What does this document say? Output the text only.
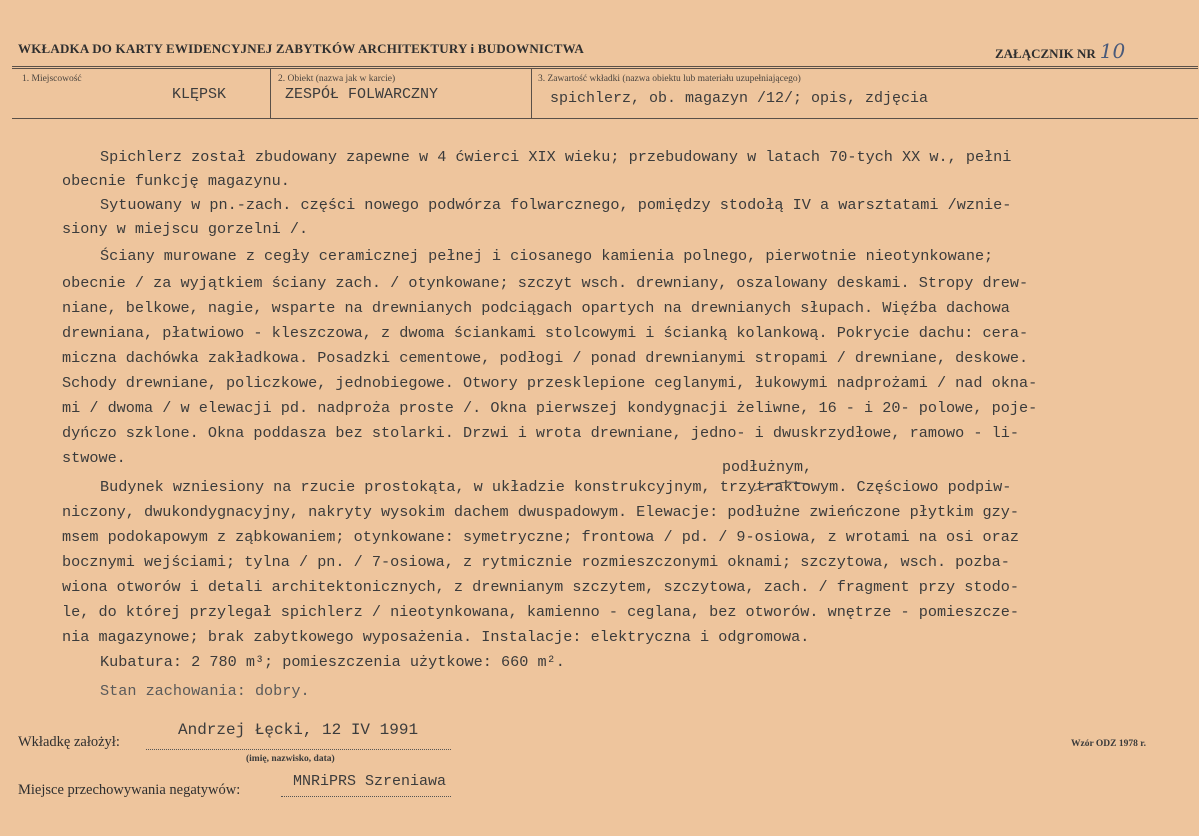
WKŁADKA DO KARTY EWIDENCYJNEJ ZABYTKÓW ARCHITEKTURY i BUDOWNICTWA	ZAŁĄCZNIK NR 10
1. Miejscowość
KLĘPSK
2. Obiekt (nazwa jak w karcie)
ZESPÓŁ FOLWARCZNY
3. Zawartość wkładki (nazwa obiektu lub materiału uzupełniającego)
spichlerz, ob. magazyn /12/; opis, zdjęcia
Spichlerz został zbudowany zapewne w 4 ćwierci XIX wieku; przebudowany w latach 70-tych XX w., pełni
obecnie funkcję magazynu.
Sytuowany w pn.-zach. części nowego podwórza folwarcznego, pomiędzy stodołą IV a warsztatami /wznie-
siony w miejscu gorzelni /.
Ściany murowane z cegły ceramicznej pełnej i ciosanego kamienia polnego, pierwotnie nieotynkowane;
obecnie / za wyjątkiem ściany zach. / otynkowane; szczyt wsch. drewniany, oszalowany deskami. Stropy drew-
niane, belkowe, nagie, wsparte na drewnianych podciągach opartych na drewnianych słupach. Więźba dachowa
drewniana, płatwiowo - kleszczowa, z dwoma ściankami stolcowymi i ścianką kolankową. Pokrycie dachu: cera-
miczna dachówka zakładkowa. Posadzki cementowe, podłogi / ponad drewnianymi stropami / drewniane, deskowe.
Schody drewniane, policzkowe, jednobiegowe. Otwory przesklepione ceglanymi, łukowymi nadprożami / nad okna-
mi / dwoma / w elewacji pd. nadproża proste /. Okna pierwszej kondygnacji żeliwne, 16 - i 20- polowe, poje-
dyńczo szklone. Okna poddasza bez stolarki. Drzwi i wrota drewniane, jedno- i dwuskrzydłowe, ramowo - li-
stwowe.
podłużnym,
Budynek wzniesiony na rzucie prostokąta, w układzie konstrukcyjnym, trzytraktowym. Częściowo podpiw-
niczony, dwukondygnacyjny, nakryty wysokim dachem dwuspadowym. Elewacje: podłużne zwieńczone płytkim gzy-
msem podokapowym z ząbkowaniem; otynkowane: symetryczne; frontowa / pd. / 9-osiowa, z wrotami na osi oraz
bocznymi wejściami; tylna / pn. / 7-osiowa, z rytmicznie rozmieszczonymi oknami; szczytowa, wsch. pozba-
wiona otworów i detali architektonicznych, z drewnianym szczytem, szczytowa, zach. / fragment przy stodo-
le, do której przylegał spichlerz / nieotynkowana, kamienno - ceglana, bez otworów. wnętrze - pomieszcze-
nia magazynowe; brak zabytkowego wyposażenia. Instalacje: elektryczna i odgromowa.
Kubatura: 2 780 m³; pomieszczenia użytkowe: 660 m².
Stan zachowania: dobry.
Wkładkę założył:
Andrzej Łęcki, 12 IV 1991
(imię, nazwisko, data)
Wzór ODZ 1978 r.
Miejsce przechowywania negatywów:	MNRiPRS Szreniawa
